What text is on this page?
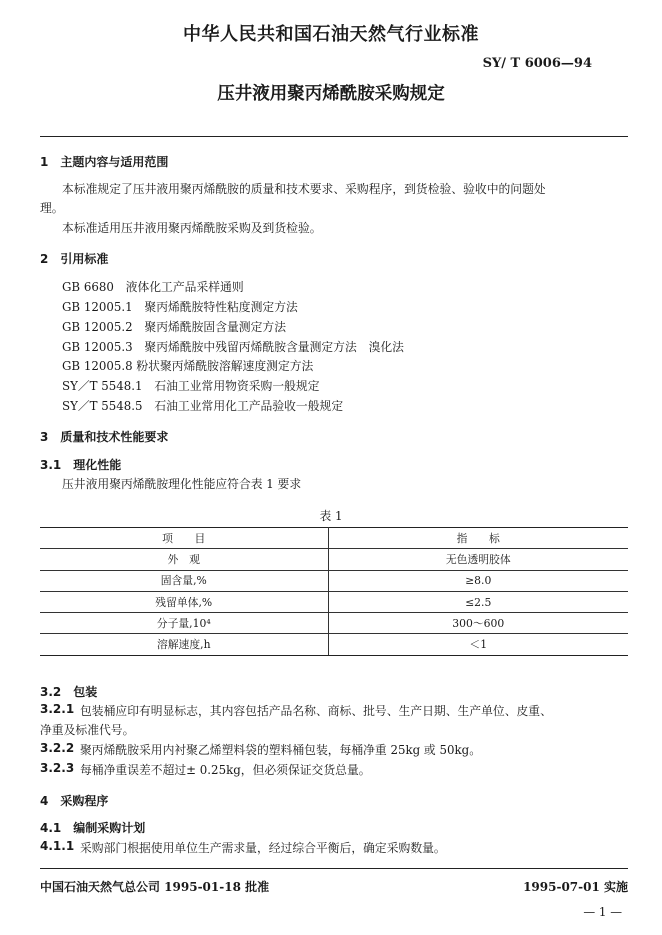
中华人民共和国石油天然气行业标准
SY/ T 6006—94
压井液用聚丙烯酰胺采购规定
1　主题内容与适用范围
本标准规定了压井液用聚丙烯酰胺的质量和技术要求、采购程序，到货检验、验收中的问题处
理。
本标准适用压井液用聚丙烯酰胺采购及到货检验。
2　引用标准
GB 6680　液体化工产品采样通则
GB 12005.1　聚丙烯酰胺特性粘度测定方法
GB 12005.2　聚丙烯酰胺固含量测定方法
GB 12005.3　聚丙烯酰胺中残留丙烯酰胺含量测定方法　溴化法
GB 12005.8 粉状聚丙烯酰胺溶解速度测定方法
SY／T 5548.1　石油工业常用物资采购一般规定
SY／T 5548.5　石油工业常用化工产品验收一般规定
3　质量和技术性能要求
3.1　理化性能
压井液用聚丙烯酰胺理化性能应符合表 1 要求
表 1
项　　目	指　　标
外　观	无色透明胶体
固含量,%	≥8.0
残留单体,%	≤2.5
分子量,10⁴	300～600
溶解速度,h	＜1
3.2　包装
3.2.1 包装桶应印有明显标志，其内容包括产品名称、商标、批号、生产日期、生产单位、皮重、
净重及标准代号。
3.2.2 聚丙烯酰胺采用内衬聚乙烯塑料袋的塑料桶包装，每桶净重 25kg 或 50kg。
3.2.3 每桶净重误差不超过± 0.25kg，但必须保证交货总量。
4　采购程序
4.1　编制采购计划
4.1.1 采购部门根据使用单位生产需求量，经过综合平衡后，确定采购数量。
中国石油天然气总公司 1995-01-18 批准	1995-07-01 实施
— 1 —
